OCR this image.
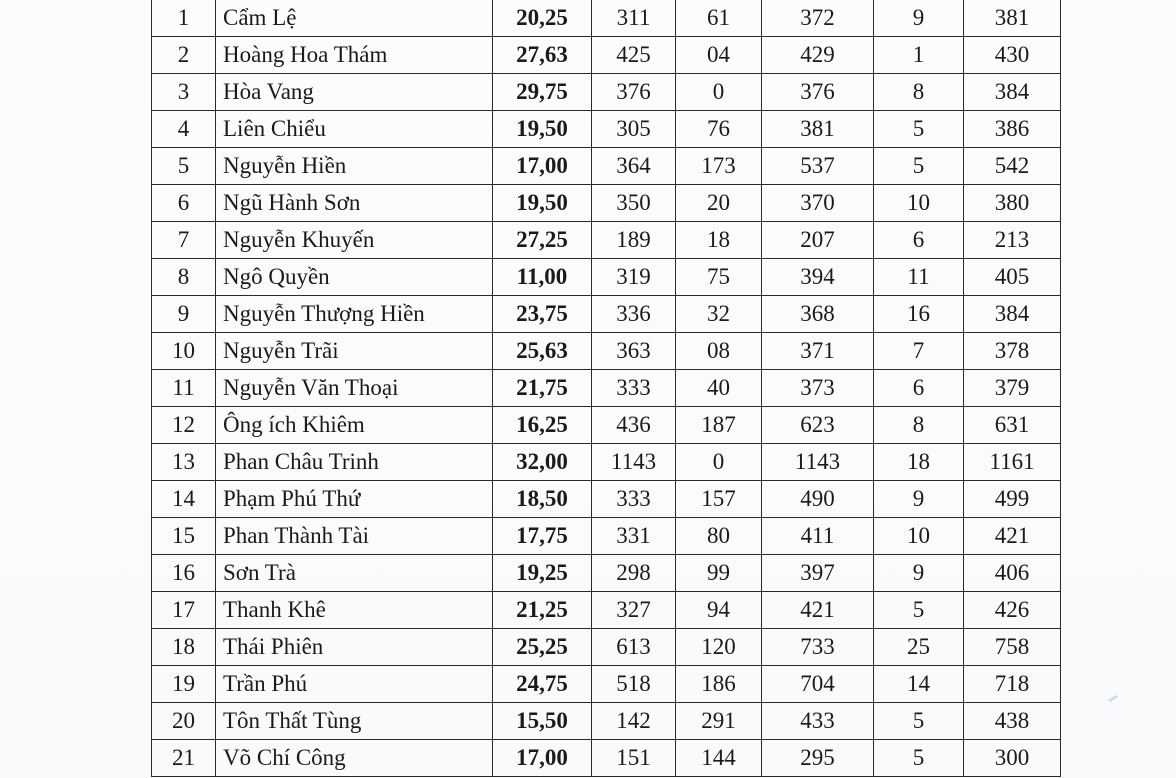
1	Cẩm Lệ	20,25	311	61	372	9	381
2	Hoàng Hoa Thám	27,63	425	04	429	1	430
3	Hòa Vang	29,75	376	0	376	8	384
4	Liên Chiểu	19,50	305	76	381	5	386
5	Nguyễn Hiền	17,00	364	173	537	5	542
6	Ngũ Hành Sơn	19,50	350	20	370	10	380
7	Nguyễn Khuyến	27,25	189	18	207	6	213
8	Ngô Quyền	11,00	319	75	394	11	405
9	Nguyễn Thượng Hiền	23,75	336	32	368	16	384
10	Nguyễn Trãi	25,63	363	08	371	7	378
11	Nguyễn Văn Thoại	21,75	333	40	373	6	379
12	Ông ích Khiêm	16,25	436	187	623	8	631
13	Phan Châu Trinh	32,00	1143	0	1143	18	1161
14	Phạm Phú Thứ	18,50	333	157	490	9	499
15	Phan Thành Tài	17,75	331	80	411	10	421
16	Sơn Trà	19,25	298	99	397	9	406
17	Thanh Khê	21,25	327	94	421	5	426
18	Thái Phiên	25,25	613	120	733	25	758
19	Trần Phú	24,75	518	186	704	14	718
20	Tôn Thất Tùng	15,50	142	291	433	5	438
21	Võ Chí Công	17,00	151	144	295	5	300
